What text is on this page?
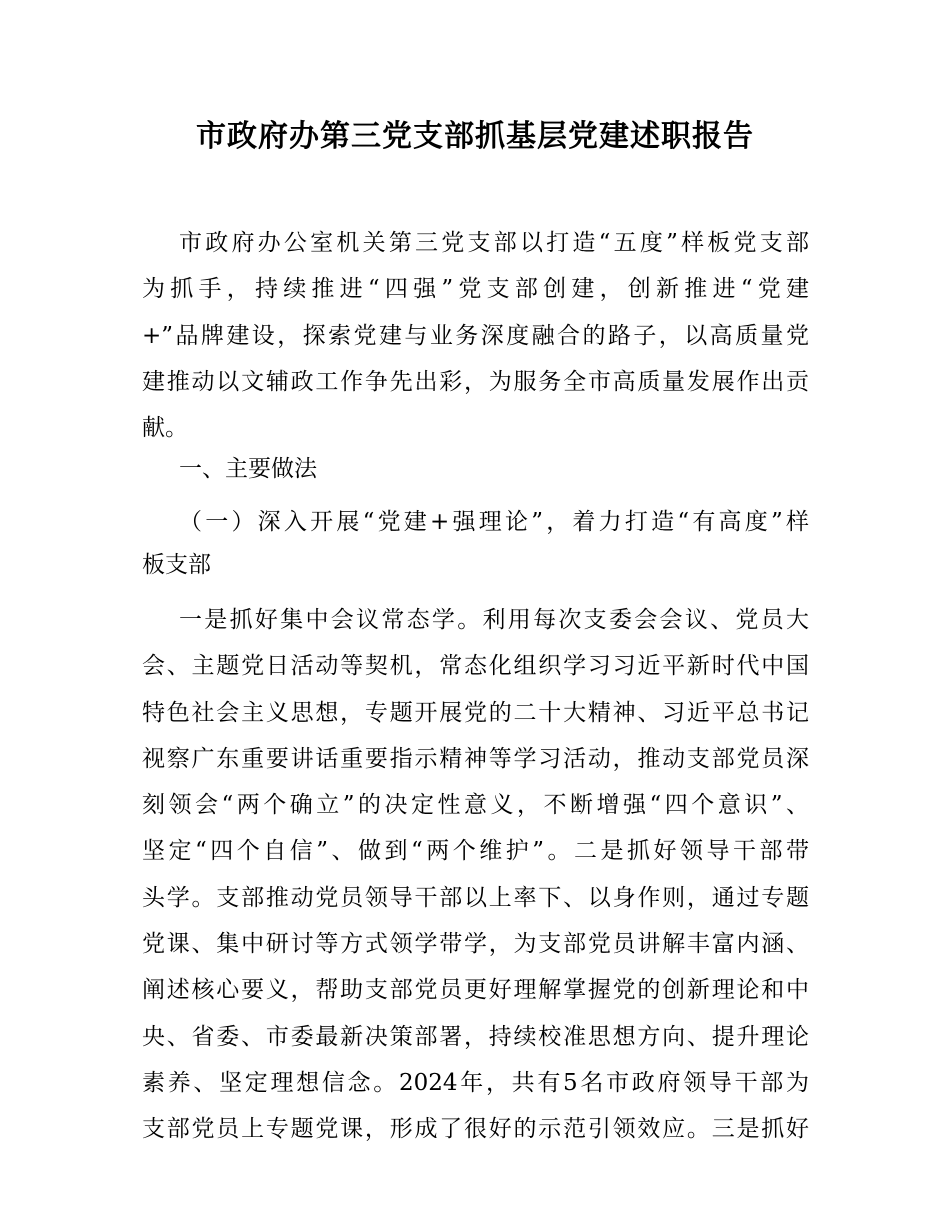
市政府办第三党支部抓基层党建述职报告
市政府办公室机关第三党支部以打造“五度”样板党支部
为抓手，持续推进“四强”党支部创建，创新推进“党建
+”品牌建设，探索党建与业务深度融合的路子，以高质量党
建推动以文辅政工作争先出彩，为服务全市高质量发展作出贡
献。
一、主要做法
（一）深入开展“党建+强理论”，着力打造“有高度”样
板支部
一是抓好集中会议常态学。利用每次支委会会议、党员大
会、主题党日活动等契机，常态化组织学习习近平新时代中国
特色社会主义思想，专题开展党的二十大精神、习近平总书记
视察广东重要讲话重要指示精神等学习活动，推动支部党员深
刻领会“两个确立”的决定性意义，不断增强“四个意识”、
坚定“四个自信”、做到“两个维护”。二是抓好领导干部带
头学。支部推动党员领导干部以上率下、以身作则，通过专题
党课、集中研讨等方式领学带学，为支部党员讲解丰富内涵、
阐述核心要义，帮助支部党员更好理解掌握党的创新理论和中
央、省委、市委最新决策部署，持续校准思想方向、提升理论
素养、坚定理想信念。2024年，共有5名市政府领导干部为
支部党员上专题党课，形成了很好的示范引领效应。三是抓好
